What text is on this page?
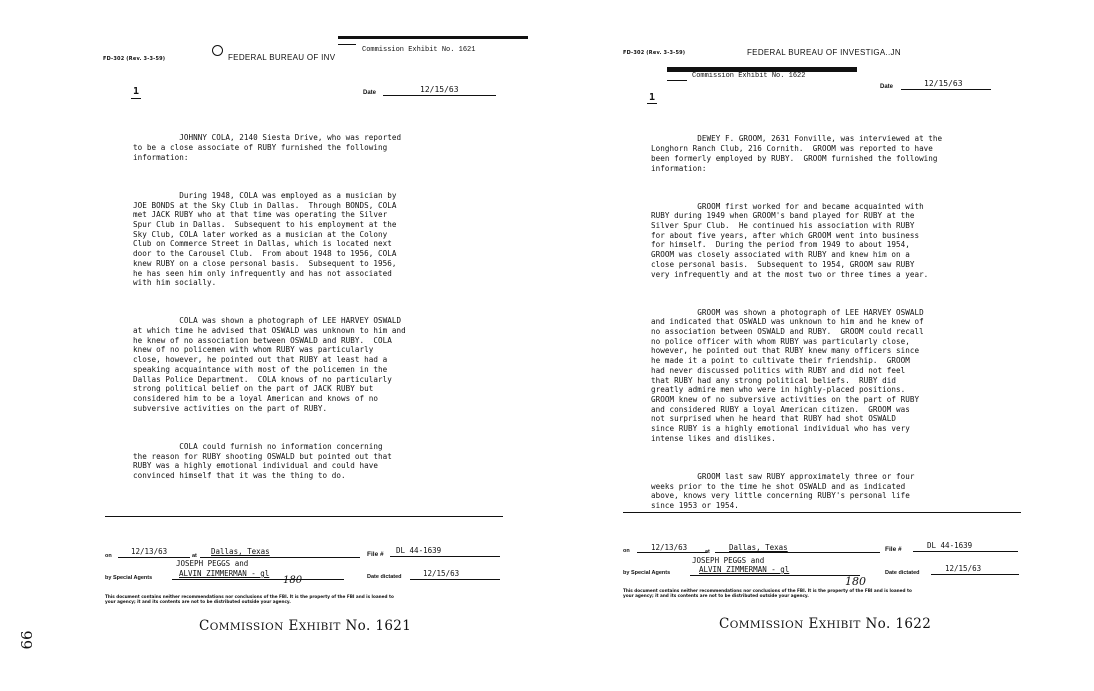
FD-302 (Rev. 3-3-59)	FEDERAL BUREAU OF INV
Commission Exhibit No. 1621
1	Date	12/15/63

JOHNNY COLA, 2140 Siesta Drive, who was reported
to be a close associate of RUBY furnished the following
information:

During 1948, COLA was employed as a musician by
JOE BONDS at the Sky Club in Dallas.  Through BONDS, COLA
met JACK RUBY who at that time was operating the Silver
Spur Club in Dallas.  Subsequent to his employment at the
Sky Club, COLA later worked as a musician at the Colony
Club on Commerce Street in Dallas, which is located next
door to the Carousel Club.  From about 1948 to 1956, COLA
knew RUBY on a close personal basis.  Subsequent to 1956,
he has seen him only infrequently and has not associated
with him socially.

COLA was shown a photograph of LEE HARVEY OSWALD
at which time he advised that OSWALD was unknown to him and
he knew of no association between OSWALD and RUBY.  COLA
knew of no policemen with whom RUBY was particularly
close, however, he pointed out that RUBY at least had a
speaking acquaintance with most of the policemen in the
Dallas Police Department.  COLA knows of no particularly
strong political belief on the part of JACK RUBY but
considered him to be a loyal American and knows of no
subversive activities on the part of RUBY.

COLA could furnish no information concerning
the reason for RUBY shooting OSWALD but pointed out that
RUBY was a highly emotional individual and could have
convinced himself that it was the thing to do.

on	12/13/63	at Dallas, Texas	File # DL 44-1639
JOSEPH PEGGS and
by Special Agents	ALVIN ZIMMERMAN - gl
180	Date dictated	12/15/63
This document contains neither recommendations nor conclusions of the FBI. It is the property of the FBI and is loaned to
your agency; it and its contents are not to be distributed outside your agency.
COMMISSION EXHIBIT No. 1621
FD-302 (Rev. 3-3-59)	FEDERAL BUREAU OF INVESTIGA..JN
Commission Exhibit No. 1622
1
Date	12/15/63

DEWEY F. GROOM, 2631 Fonville, was interviewed at the
Longhorn Ranch Club, 216 Cornith.  GROOM was reported to have
been formerly employed by RUBY.  GROOM furnished the following
information:

GROOM first worked for and became acquainted with
RUBY during 1949 when GROOM's band played for RUBY at the
Silver Spur Club.  He continued his association with RUBY
for about five years, after which GROOM went into business
for himself.  During the period from 1949 to about 1954,
GROOM was closely associated with RUBY and knew him on a
close personal basis.  Subsequent to 1954, GROOM saw RUBY
very infrequently and at the most two or three times a year.

GROOM was shown a photograph of LEE HARVEY OSWALD
and indicated that OSWALD was unknown to him and he knew of
no association between OSWALD and RUBY.  GROOM could recall
no police officer with whom RUBY was particularly close,
however, he pointed out that RUBY knew many officers since
he made it a point to cultivate their friendship.  GROOM
had never discussed politics with RUBY and did not feel
that RUBY had any strong political beliefs.  RUBY did
greatly admire men who were in highly-placed positions.
GROOM knew of no subversive activities on the part of RUBY
and considered RUBY a loyal American citizen.  GROOM was
not surprised when he heard that RUBY had shot OSWALD
since RUBY is a highly emotional individual who has very
intense likes and dislikes.

GROOM last saw RUBY approximately three or four
weeks prior to the time he shot OSWALD and as indicated
above, knows very little concerning RUBY's personal life
since 1953 or 1954.

on	12/13/63	at	Dallas, Texas	File #	DL 44-1639
JOSEPH PEGGS and
by Special Agents	ALVIN ZIMMERMAN - gl
180
Date dictated	12/15/63
This document contains neither recommendations nor conclusions of the FBI. It is the property of the FBI and is loaned to
your agency; it and its contents are not to be distributed outside your agency.
COMMISSION EXHIBIT No. 1622
66
